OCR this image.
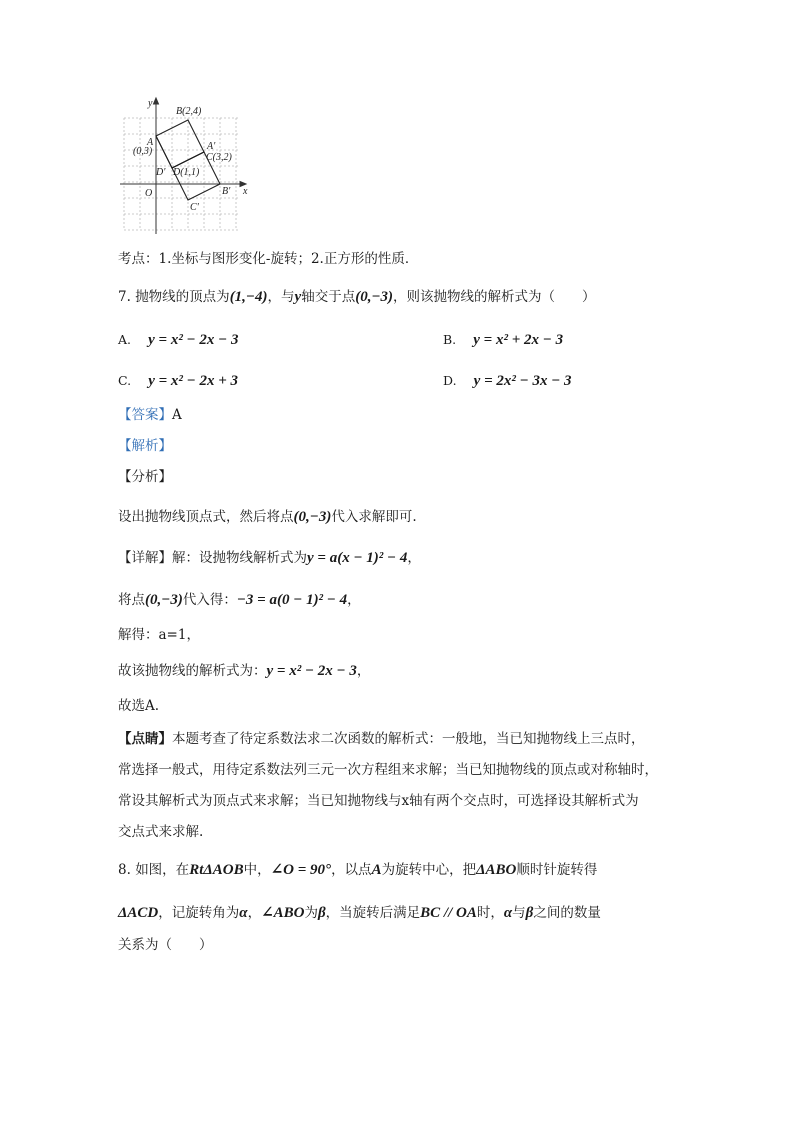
y
x
O
B(2,4)
A
(0,3)	A'
C(3,2)
D' D(1,1)
B'
C'
考点：1.坐标与图形变化-旋转；2.正方形的性质．
7. 抛物线的顶点为(1,−4)，与y轴交于点(0,−3)，则该抛物线的解析式为（　　）
A. y = x² − 2x − 3	B. y = x² + 2x − 3
C. y = x² − 2x + 3	D. y = 2x² − 3x − 3
【答案】A
【解析】
【分析】
设出抛物线顶点式，然后将点(0,−3)代入求解即可.
【详解】解：设抛物线解析式为y = a(x − 1)² − 4，
将点(0,−3)代入得：−3 = a(0 − 1)² − 4，
解得：a=1，
故该抛物线的解析式为：y = x² − 2x − 3，
故选A.
【点睛】本题考查了待定系数法求二次函数的解析式：一般地，当已知抛物线上三点时，
常选择一般式，用待定系数法列三元一次方程组来求解；当已知抛物线的顶点或对称轴时，
常设其解析式为顶点式来求解；当已知抛物线与x轴有两个交点时，可选择设其解析式为
交点式来求解.
8. 如图，在RtΔAOB中，∠O = 90°，以点A为旋转中心，把ΔABO顺时针旋转得
ΔACD，记旋转角为α，∠ABO为β，当旋转后满足BC // OA时，α与β之间的数量
关系为（　　）
